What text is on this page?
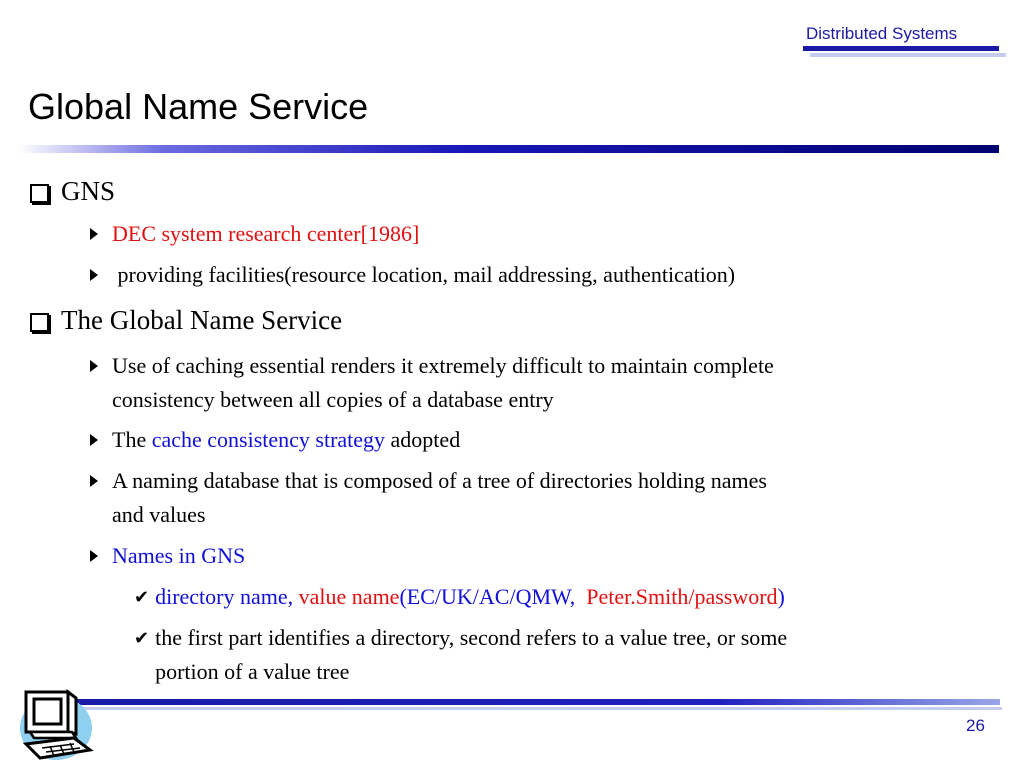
Distributed Systems
Global Name Service
GNS
DEC system research center[1986]
providing facilities(resource location, mail addressing, authentication)
The Global Name Service
Use of caching essential renders it extremely difficult to maintain complete
consistency between all copies of a database entry
The cache consistency strategy adopted
A naming database that is composed of a tree of directories holding names
and values
Names in GNS
✔ directory name, value name(EC/UK/AC/QMW, Peter.Smith/password)
✔ the first part identifies a directory, second refers to a value tree, or some
portion of a value tree
26
